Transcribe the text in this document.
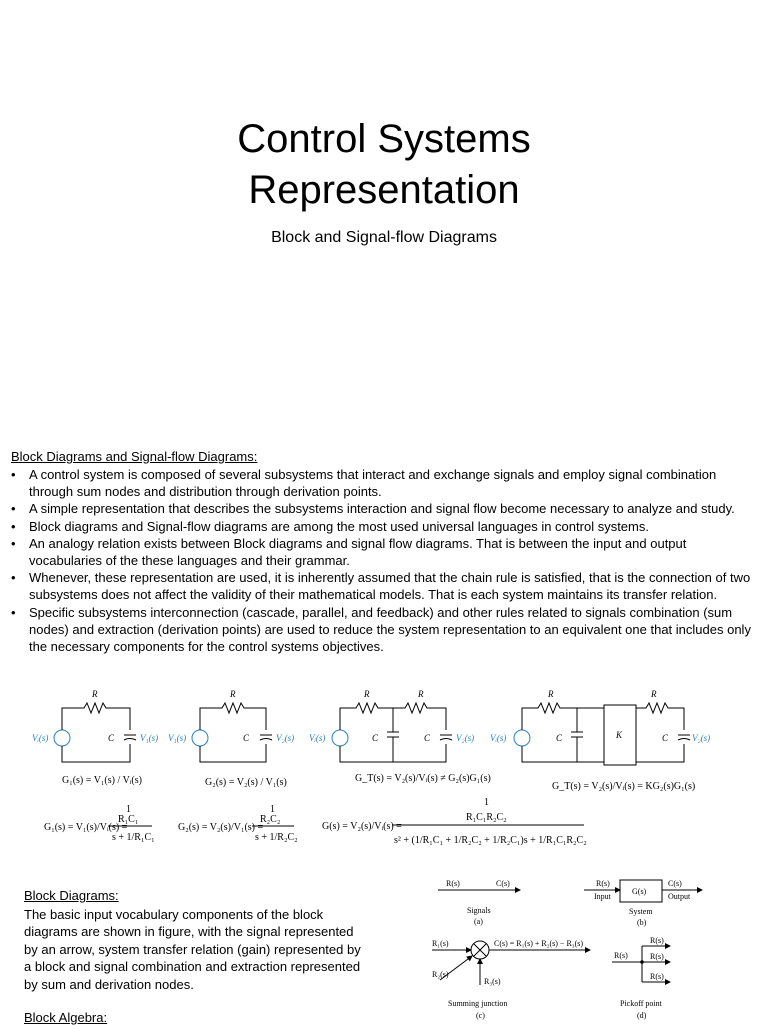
Control Systems
Representation
Block and Signal-flow Diagrams
Block Diagrams and Signal-flow Diagrams:
• A control system is composed of several subsystems that interact and exchange signals and employ signal combination through sum nodes and distribution through derivation points.
• A simple representation that describes the subsystems interaction and signal flow become necessary to analyze and study.
• Block diagrams and Signal-flow diagrams are among the most used universal languages in control systems.
• An analogy relation exists between Block diagrams and signal flow diagrams. That is between the input and output vocabularies of the these languages and their grammar.
• Whenever, these representation are used, it is inherently assumed that the chain rule is satisfied, that is the connection of two subsystems does not affect the validity of their mathematical models. That is each system maintains its transfer relation.
• Specific subsystems interconnection (cascade, parallel, and feedback) and other rules related to signals combination (sum nodes) and extraction (derivation points) are used to reduce the system representation to an equivalent one that includes only the necessary components for the control systems objectives.
R
C	V₁(s)
Vᵢ(s)
R
C	V₂(s)
V₁(s)
R	R
C	C	V₂(s)
Vᵢ(s)
R	R
C	K	C	V₂(s)
Vᵢ(s)
G₁(s) = V₁(s) / Vᵢ(s)	G₂(s) = V₂(s) / V₁(s)	G_T(s) = V₂(s)/Vᵢ(s) ≠ G₂(s)G₁(s)
G_T(s) = V₂(s)/Vᵢ(s) = KG₂(s)G₁(s)
G₁(s) = V₁(s)/Vᵢ(s) =
1
R₁C₁
s + 1/R₁C₁
G₂(s) = V₂(s)/V₁(s) =
1
R₂C₂
s + 1/R₂C₂
G(s) = V₂(s)/Vᵢ(s) =
1
R₁C₁R₂C₂
s² + (1/R₁C₁ + 1/R₂C₂ + 1/R₂C₁)s + 1/R₁C₁R₂C₂
Block Diagrams:

The basic input vocabulary components of the block diagrams are shown in figure, with the signal represented by an arrow, system transfer relation (gain) represented by a block and signal combination and extraction represented by sum and derivation nodes.

Block Algebra:
R(s)	C(s)
Signals
(a)
R(s)
G(s)
C(s)
Input	Output
System
(b)
R₁(s)
R₂(s)
R₃(s)
C(s) = R₁(s) + R₂(s) − R₃(s)
Summing junction
(c)
R(s)
R(s)
R(s)
R(s)
Pickoff point
(d)
